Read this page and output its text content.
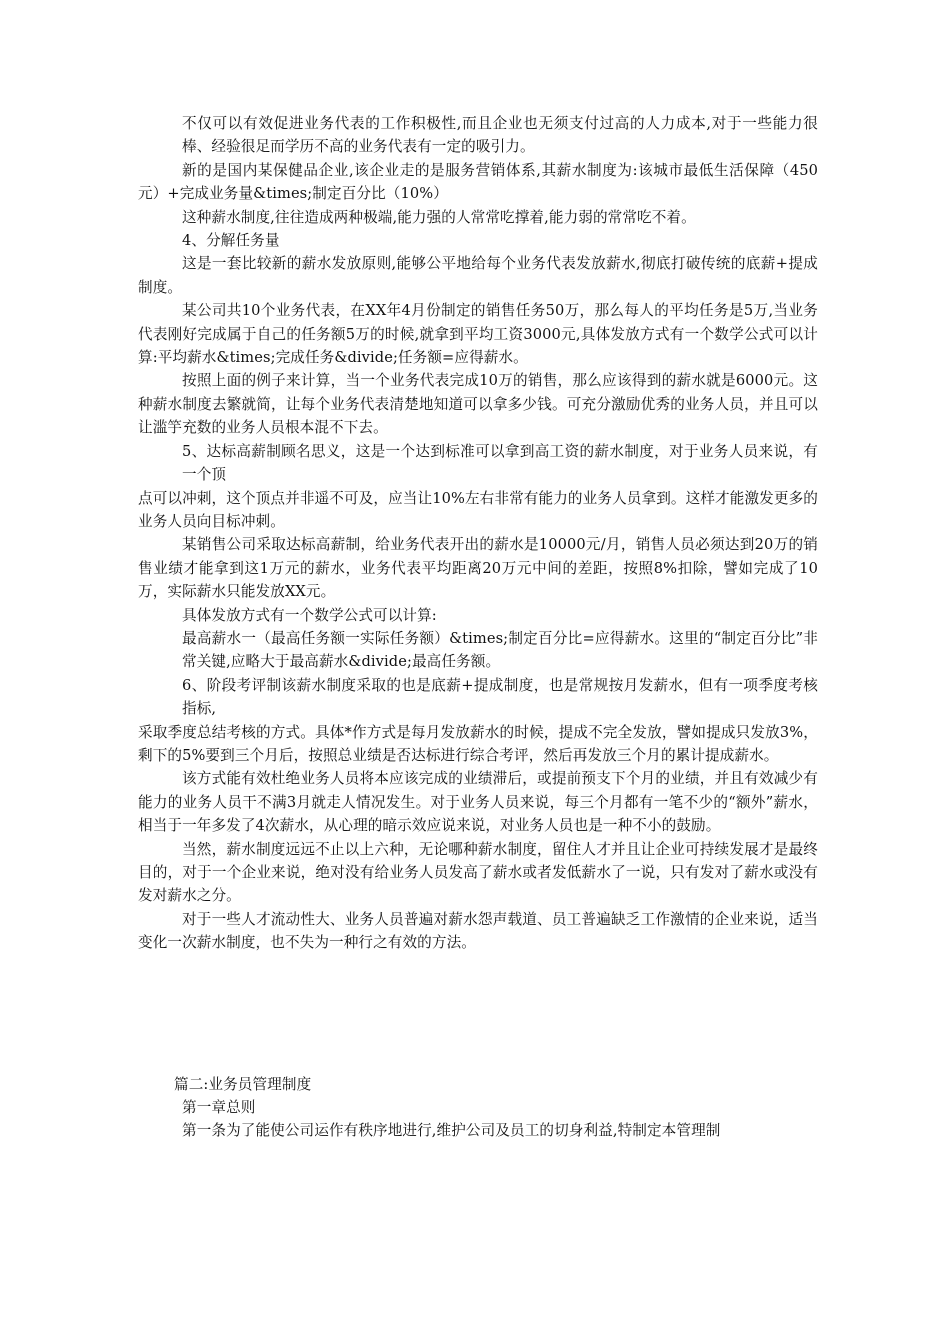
不仅可以有效促进业务代表的工作积极性,而且企业也无须支付过高的人力成本,对于一些能力很棒、经验很足而学历不高的业务代表有一定的吸引力。

新的是国内某保健品企业,该企业走的是服务营销体系,其薪水制度为:该城市最低生活保障（450元）+完成业务量&times;制定百分比（10%）

这种薪水制度,往往造成两种极端,能力强的人常常吃撑着,能力弱的常常吃不着。

4、分解任务量

这是一套比较新的薪水发放原则,能够公平地给每个业务代表发放薪水,彻底打破传统的底薪+提成制度。

某公司共10个业务代表，在XX年4月份制定的销售任务50万，那么每人的平均任务是5万,当业务代表刚好完成属于自己的任务额5万的时候,就拿到平均工资3000元,具体发放方式有一个数学公式可以计算:平均薪水&times;完成任务&divide;任务额=应得薪水。

按照上面的例子来计算，当一个业务代表完成10万的销售，那么应该得到的薪水就是6000元。这种薪水制度去繁就简，让每个业务代表清楚地知道可以拿多少钱。可充分激励优秀的业务人员，并且可以让滥竽充数的业务人员根本混不下去。

5、达标高薪制顾名思义，这是一个达到标准可以拿到高工资的薪水制度，对于业务人员来说，有一个顶

点可以冲刺，这个顶点并非遥不可及，应当让10%左右非常有能力的业务人员拿到。这样才能激发更多的业务人员向目标冲刺。

某销售公司采取达标高薪制，给业务代表开出的薪水是10000元/月，销售人员必须达到20万的销售业绩才能拿到这1万元的薪水，业务代表平均距离20万元中间的差距，按照8%扣除，譬如完成了10万，实际薪水只能发放XX元。

具体发放方式有一个数学公式可以计算:

最高薪水一（最高任务额一实际任务额）&times;制定百分比=应得薪水。这里的“制定百分比”非常关键,应略大于最高薪水&divide;最高任务额。

6、阶段考评制该薪水制度采取的也是底薪+提成制度，也是常规按月发薪水，但有一项季度考核指标,

采取季度总结考核的方式。具体*作方式是每月发放薪水的时候，提成不完全发放，譬如提成只发放3%，剩下的5%要到三个月后，按照总业绩是否达标进行综合考评，然后再发放三个月的累计提成薪水。

该方式能有效杜绝业务人员将本应该完成的业绩滞后，或提前预支下个月的业绩，并且有效减少有能力的业务人员干不满3月就走人情况发生。对于业务人员来说，每三个月都有一笔不少的“额外”薪水，相当于一年多发了4次薪水，从心理的暗示效应说来说，对业务人员也是一种不小的鼓励。

当然，薪水制度远远不止以上六种，无论哪种薪水制度，留住人才并且让企业可持续发展才是最终目的，对于一个企业来说，绝对没有给业务人员发高了薪水或者发低薪水了一说，只有发对了薪水或没有发对薪水之分。

对于一些人才流动性大、业务人员普遍对薪水怨声载道、员工普遍缺乏工作激情的企业来说，适当变化一次薪水制度，也不失为一种行之有效的方法。

篇二:业务员管理制度

第一章总则

第一条为了能使公司运作有秩序地进行,维护公司及员工的切身利益,特制定本管理制
